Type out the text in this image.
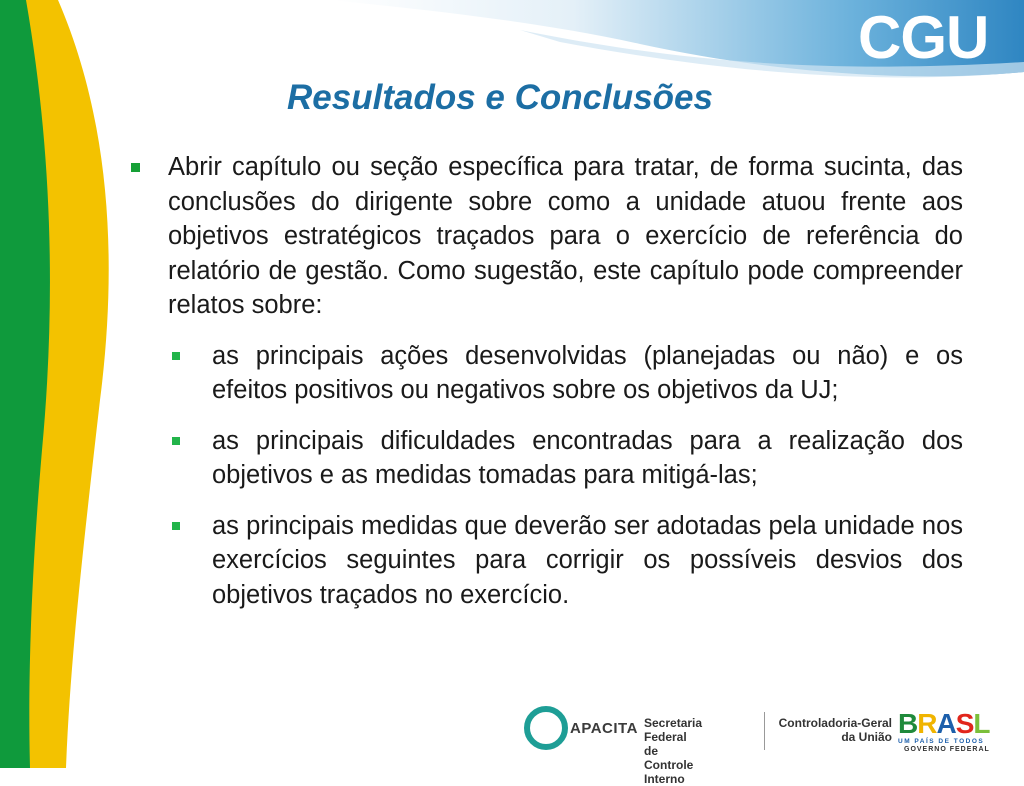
CGU
Resultados e Conclusões
Abrir capítulo ou seção específica para tratar, de forma sucinta, das conclusões do dirigente sobre como a unidade atuou frente aos objetivos estratégicos traçados para o exercício de referência do relatório de gestão. Como sugestão, este capítulo pode compreender relatos sobre:
as principais ações desenvolvidas (planejadas ou não) e os efeitos positivos ou negativos sobre os objetivos da UJ;
as principais dificuldades encontradas para a realização dos objetivos e as medidas tomadas para mitigá-las;
as principais medidas que deverão ser adotadas pela unidade nos exercícios seguintes para corrigir os possíveis desvios dos objetivos traçados no exercício.
APACITA Secretaria Federal de
Controle Interno
Controladoria-Geral
da União BRASL
UM PAÍS DE TODOS
GOVERNO FEDERAL
